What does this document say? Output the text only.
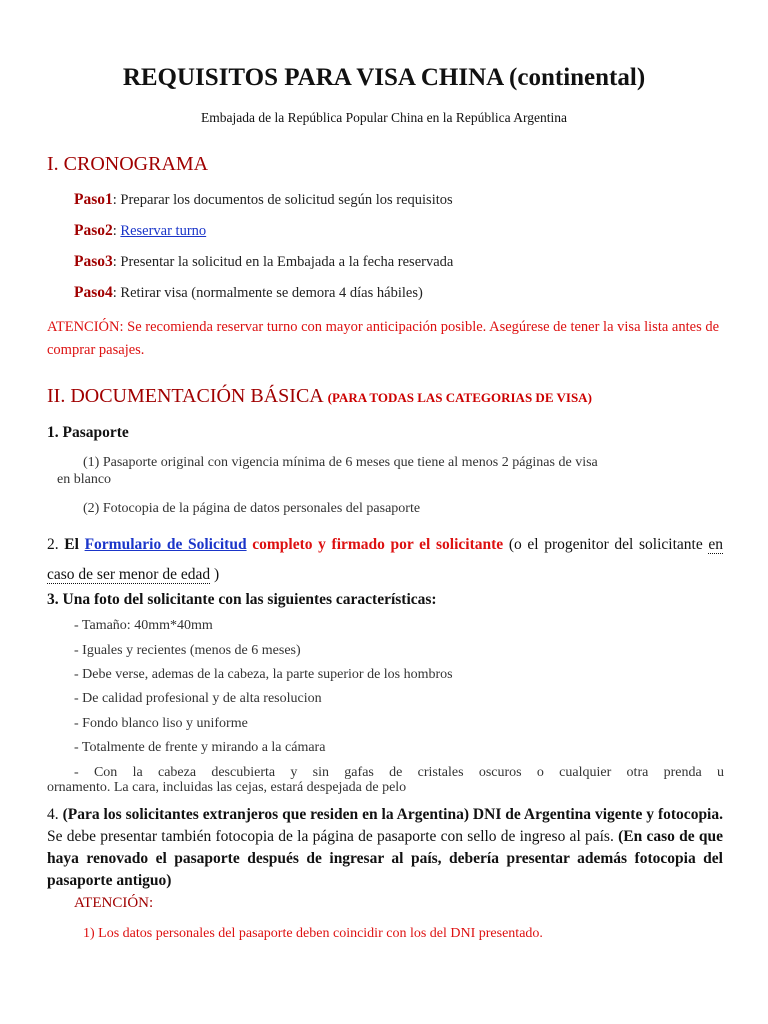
REQUISITOS PARA VISA CHINA (continental)
Embajada de la República Popular China en la República Argentina
I. CRONOGRAMA
Paso1: Preparar los documentos de solicitud según los requisitos
Paso2: Reservar turno
Paso3: Presentar la solicitud en la Embajada a la fecha reservada
Paso4: Retirar visa (normalmente se demora 4 días hábiles)
ATENCIÓN: Se recomienda reservar turno con mayor anticipación posible. Asegúrese de tener la visa lista antes de comprar pasajes.
II. DOCUMENTACIÓN BÁSICA (PARA TODAS LAS CATEGORIAS DE VISA)
1. Pasaporte
(1) Pasaporte original con vigencia mínima de 6 meses que tiene al menos 2 páginas de visa
en blanco
(2) Fotocopia de la página de datos personales del pasaporte
2. El Formulario de Solicitud completo y firmado por el solicitante (o el progenitor del solicitante en caso de ser menor de edad )
3. Una foto del solicitante con las siguientes características:
- Tamaño: 40mm*40mm
- Iguales y recientes (menos de 6 meses)
- Debe verse, ademas de la cabeza, la parte superior de los hombros
- De calidad profesional y de alta resolucion
- Fondo blanco liso y uniforme
- Totalmente de frente y mirando a la cámara
- Con la cabeza descubierta y sin gafas de cristales oscuros o cualquier otra prenda u
ornamento. La cara, incluidas las cejas, estará despejada de pelo
4. (Para los solicitantes extranjeros que residen en la Argentina) DNI de Argentina vigente y fotocopia. Se debe presentar también fotocopia de la página de pasaporte con sello de ingreso al país. (En caso de que haya renovado el pasaporte después de ingresar al país, debería presentar además fotocopia del pasaporte antiguo)
ATENCIÓN:
1) Los datos personales del pasaporte deben coincidir con los del DNI presentado.
